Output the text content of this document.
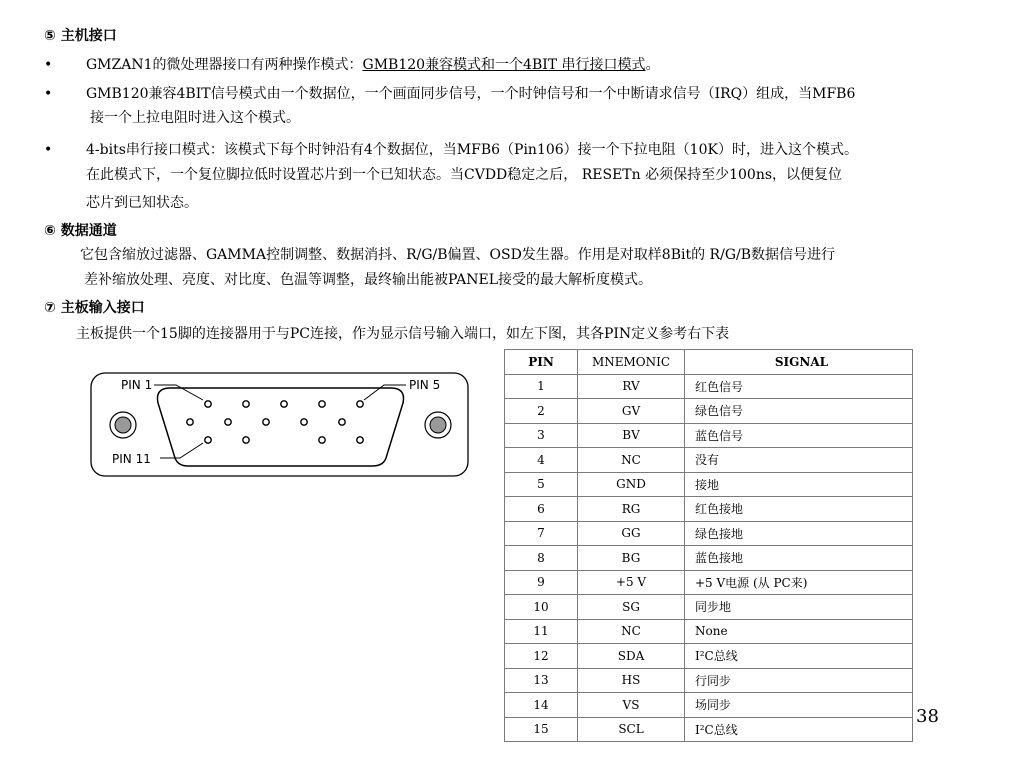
⑤ 主机接口
• GMZAN1的微处理器接口有两种操作模式：GMB120兼容模式和一个4BIT 串行接口模式。
• GMB120兼容4BIT信号模式由一个数据位，一个画面同步信号，一个时钟信号和一个中断请求信号（IRQ）组成，当MFB6
接一个上拉电阻时进入这个模式。
• 4-bits串行接口模式：该模式下每个时钟沿有4个数据位，当MFB6（Pin106）接一个下拉电阻（10K）时，进入这个模式。
在此模式下，一个复位脚拉低时设置芯片到一个已知状态。当CVDD稳定之后， RESETn 必须保持至少100ns，以便复位
芯片到已知状态。
⑥ 数据通道
它包含缩放过滤器、GAMMA控制调整、数据消抖、R/G/B偏置、OSD发生器。作用是对取样8Bit的 R/G/B数据信号进行
差补缩放处理、亮度、对比度、色温等调整，最终输出能被PANEL接受的最大解析度模式。
⑦ 主板输入接口
主板提供一个15脚的连接器用于与PC连接，作为显示信号输入端口，如左下图，其各PIN定义参考右下表
PIN 1	PIN 5
PIN 11
PIN	MNEMONIC	SIGNAL
1	RV	红色信号
2	GV	绿色信号
3	BV	蓝色信号
4	NC	没有
5	GND	接地
6	RG	红色接地
7	GG	绿色接地
8	BG	蓝色接地
9	+5 V	+5 V电源 (从 PC来)
10	SG	同步地
11	NC	None
12	SDA	I²C总线
13	HS	行同步
14	VS	场同步
15	SCL	I²C总线
38
